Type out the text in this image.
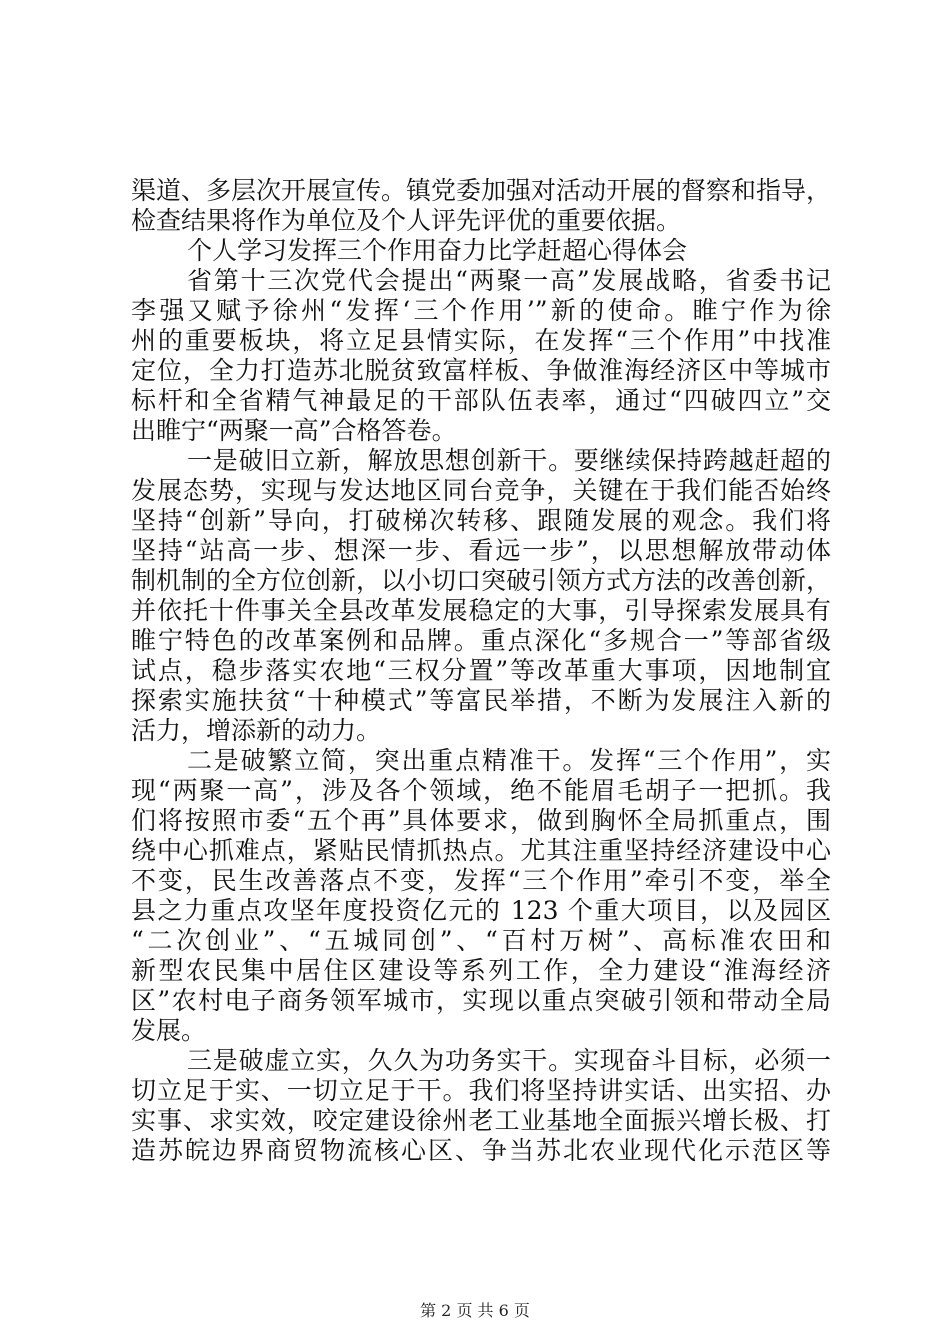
渠道、多层次开展宣传。镇党委加强对活动开展的督察和指导，
检查结果将作为单位及个人评先评优的重要依据。
个人学习发挥三个作用奋力比学赶超心得体会
省第十三次党代会提出“两聚一高”发展战略，省委书记
李强又赋予徐州“发挥‘三个作用’”新的使命。睢宁作为徐
州的重要板块，将立足县情实际，在发挥“三个作用”中找准
定位，全力打造苏北脱贫致富样板、争做淮海经济区中等城市
标杆和全省精气神最足的干部队伍表率，通过“四破四立”交
出睢宁“两聚一高”合格答卷。
一是破旧立新，解放思想创新干。要继续保持跨越赶超的
发展态势，实现与发达地区同台竞争，关键在于我们能否始终
坚持“创新”导向，打破梯次转移、跟随发展的观念。我们将
坚持“站高一步、想深一步、看远一步”，以思想解放带动体
制机制的全方位创新，以小切口突破引领方式方法的改善创新，
并依托十件事关全县改革发展稳定的大事，引导探索发展具有
睢宁特色的改革案例和品牌。重点深化“多规合一”等部省级
试点，稳步落实农地“三权分置”等改革重大事项，因地制宜
探索实施扶贫“十种模式”等富民举措，不断为发展注入新的
活力，增添新的动力。
二是破繁立简，突出重点精准干。发挥“三个作用”，实
现“两聚一高”，涉及各个领域，绝不能眉毛胡子一把抓。我
们将按照市委“五个再”具体要求，做到胸怀全局抓重点，围
绕中心抓难点，紧贴民情抓热点。尤其注重坚持经济建设中心
不变，民生改善落点不变，发挥“三个作用”牵引不变，举全
县之力重点攻坚年度投资亿元的 123 个重大项目，以及园区
“二次创业”、“五城同创”、“百村万树”、高标准农田和
新型农民集中居住区建设等系列工作，全力建设“淮海经济
区”农村电子商务领军城市，实现以重点突破引领和带动全局
发展。
三是破虚立实，久久为功务实干。实现奋斗目标，必须一
切立足于实、一切立足于干。我们将坚持讲实话、出实招、办
实事、求实效，咬定建设徐州老工业基地全面振兴增长极、打
造苏皖边界商贸物流核心区、争当苏北农业现代化示范区等
第 2 页 共 6 页
